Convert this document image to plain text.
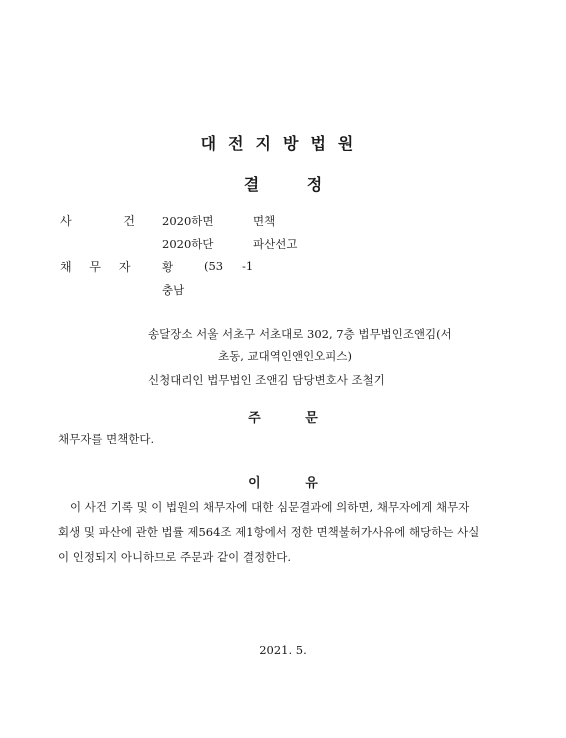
대전지방법원
결 정
사 건 2020하면	면책
2020하단	파산선고
채 무 자	황	(53 -1
충남
송달장소 서울 서초구 서초대로 302, 7층 법무법인조앤김(서
초동, 교대역인앤인오피스)
신청대리인 법무법인 조앤김 담당변호사 조철기
주 문
채무자를 면책한다.
이 유
이 사건 기록 및 이 법원의 채무자에 대한 심문결과에 의하면, 채무자에게 채무자
회생 및 파산에 관한 법률 제564조 제1항에서 정한 면책불허가사유에 해당하는 사실
이 인정되지 아니하므로 주문과 같이 결정한다.
2021. 5.
